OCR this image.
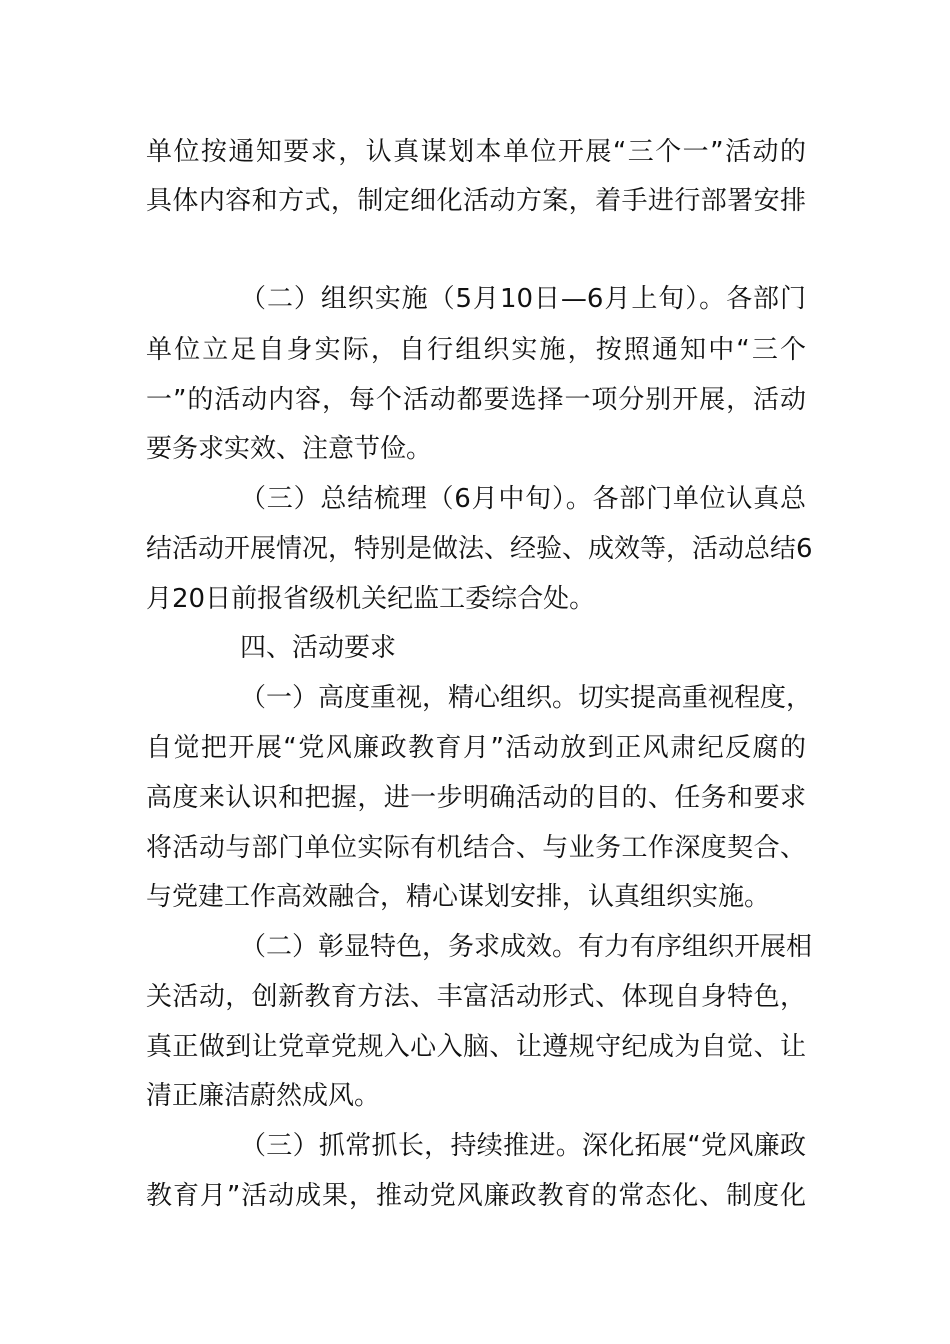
单位按通知要求，认真谋划本单位开展“三个一”活动的
具体内容和方式，制定细化活动方案，着手进行部署安排
（二）组织实施（5月10日—6月上旬）。各部门
单位立足自身实际，自行组织实施，按照通知中“三个
一”的活动内容，每个活动都要选择一项分别开展，活动
要务求实效、注意节俭。
（三）总结梳理（6月中旬）。各部门单位认真总
结活动开展情况，特别是做法、经验、成效等，活动总结6
月20日前报省级机关纪监工委综合处。
四、活动要求
（一）高度重视，精心组织。切实提高重视程度，
自觉把开展“党风廉政教育月”活动放到正风肃纪反腐的
高度来认识和把握，进一步明确活动的目的、任务和要求
将活动与部门单位实际有机结合、与业务工作深度契合、
与党建工作高效融合，精心谋划安排，认真组织实施。
（二）彰显特色，务求成效。有力有序组织开展相
关活动，创新教育方法、丰富活动形式、体现自身特色，
真正做到让党章党规入心入脑、让遵规守纪成为自觉、让
清正廉洁蔚然成风。
（三）抓常抓长，持续推进。深化拓展“党风廉政
教育月”活动成果，推动党风廉政教育的常态化、制度化
